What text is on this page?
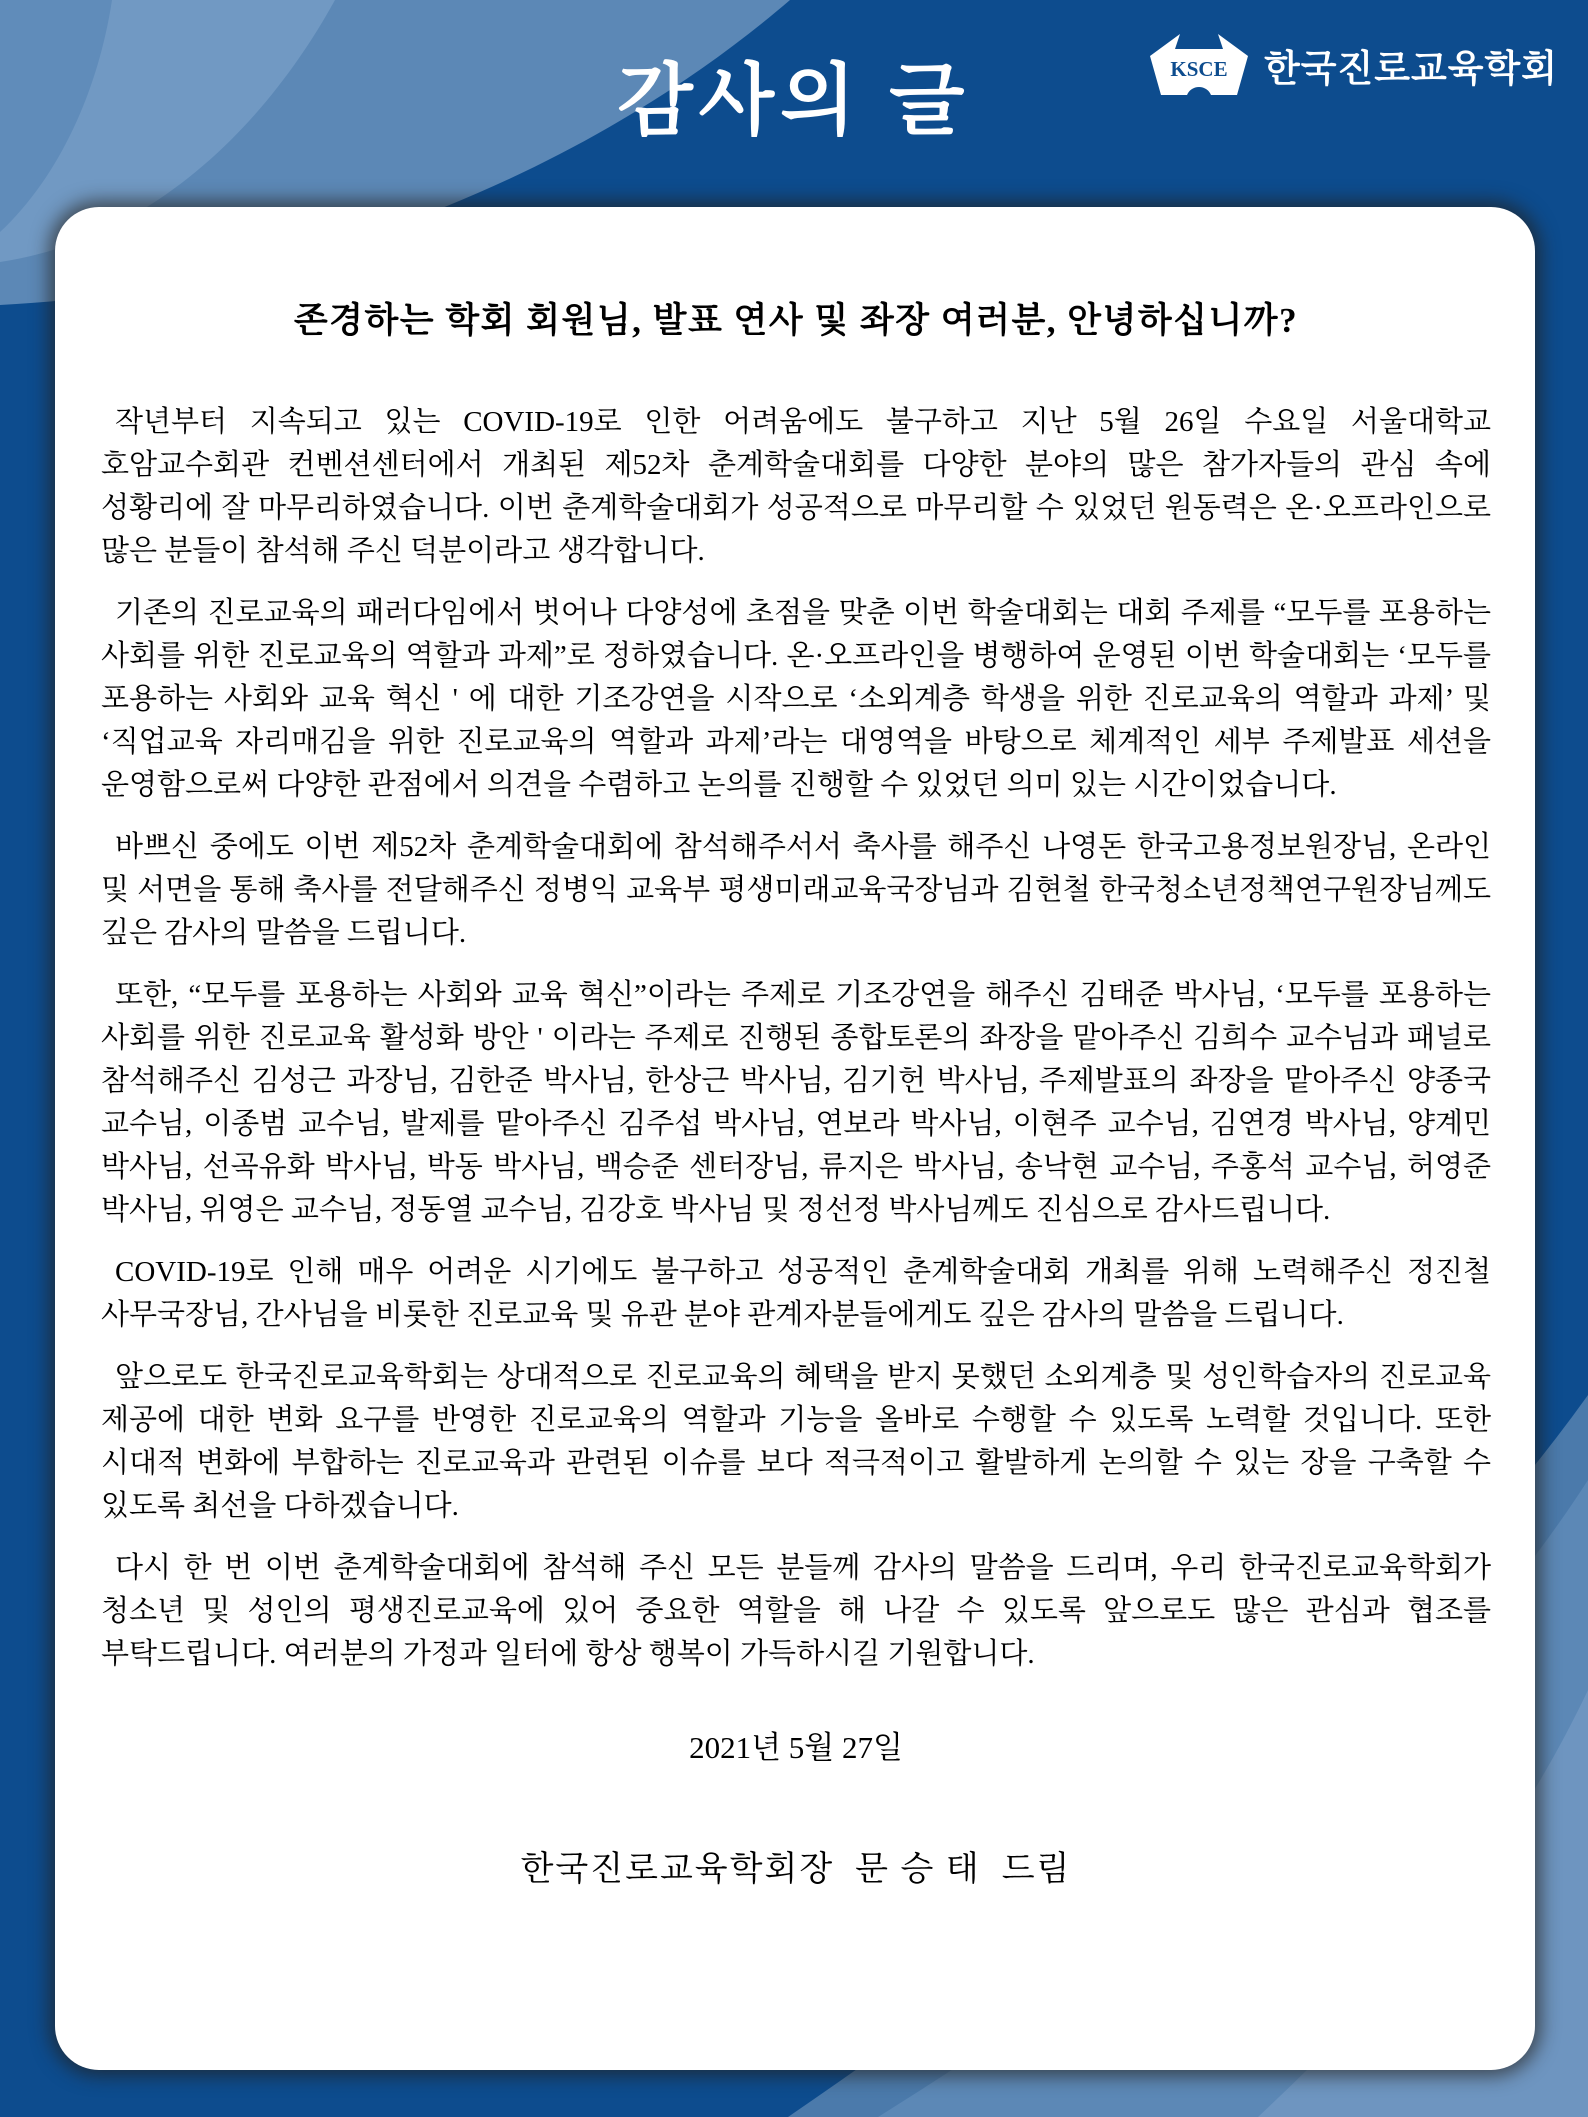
감사의 글	KSCE 한국진로교육학회

존경하는 학회 회원님, 발표 연사 및 좌장 여러분, 안녕하십니까?

작년부터 지속되고 있는 COVID-19로 인한 어려움에도 불구하고 지난 5월 26일 수요일 서울대학교 호암교수회관 컨벤션센터에서 개최된 제52차 춘계학술대회를 다양한 분야의 많은 참가자들의 관심 속에 성황리에 잘 마무리하였습니다. 이번 춘계학술대회가 성공적으로 마무리할 수 있었던 원동력은 온·오프라인으로 많은 분들이 참석해 주신 덕분이라고 생각합니다.

기존의 진로교육의 패러다임에서 벗어나 다양성에 초점을 맞춘 이번 학술대회는 대회 주제를 “모두를 포용하는 사회를 위한 진로교육의 역할과 과제”로 정하였습니다. 온·오프라인을 병행하여 운영된 이번 학술대회는 ‘모두를 포용하는 사회와 교육 혁신 ' 에 대한 기조강연을 시작으로 ‘소외계층 학생을 위한 진로교육의 역할과 과제’ 및 ‘직업교육 자리매김을 위한 진로교육의 역할과 과제’라는 대영역을 바탕으로 체계적인 세부 주제발표 세션을 운영함으로써 다양한 관점에서 의견을 수렴하고 논의를 진행할 수 있었던 의미 있는 시간이었습니다.

바쁘신 중에도 이번 제52차 춘계학술대회에 참석해주서서 축사를 해주신 나영돈 한국고용정보원장님, 온라인 및 서면을 통해 축사를 전달해주신 정병익 교육부 평생미래교육국장님과 김현철 한국청소년정책연구원장님께도 깊은 감사의 말씀을 드립니다.

또한, “모두를 포용하는 사회와 교육 혁신”이라는 주제로 기조강연을 해주신 김태준 박사님, ‘모두를 포용하는 사회를 위한 진로교육 활성화 방안 ' 이라는 주제로 진행된 종합토론의 좌장을 맡아주신 김희수 교수님과 패널로 참석해주신 김성근 과장님, 김한준 박사님, 한상근 박사님, 김기헌 박사님, 주제발표의 좌장을 맡아주신 양종국 교수님, 이종범 교수님, 발제를 맡아주신 김주섭 박사님, 연보라 박사님, 이현주 교수님, 김연경 박사님, 양계민 박사님, 선곡유화 박사님, 박동 박사님, 백승준 센터장님, 류지은 박사님, 송낙현 교수님, 주홍석 교수님, 허영준 박사님, 위영은 교수님, 정동열 교수님, 김강호 박사님 및 정선정 박사님께도 진심으로 감사드립니다.

COVID-19로 인해 매우 어려운 시기에도 불구하고 성공적인 춘계학술대회 개최를 위해 노력해주신 정진철 사무국장님, 간사님을 비롯한 진로교육 및 유관 분야 관계자분들에게도 깊은 감사의 말씀을 드립니다.

앞으로도 한국진로교육학회는 상대적으로 진로교육의 혜택을 받지 못했던 소외계층 및 성인학습자의 진로교육 제공에 대한 변화 요구를 반영한 진로교육의 역할과 기능을 올바로 수행할 수 있도록 노력할 것입니다. 또한 시대적 변화에 부합하는 진로교육과 관련된 이슈를 보다 적극적이고 활발하게 논의할 수 있는 장을 구축할 수 있도록 최선을 다하겠습니다.

다시 한 번 이번 춘계학술대회에 참석해 주신 모든 분들께 감사의 말씀을 드리며, 우리 한국진로교육학회가 청소년 및 성인의 평생진로교육에 있어 중요한 역할을 해 나갈 수 있도록 앞으로도 많은 관심과 협조를 부탁드립니다. 여러분의 가정과 일터에 항상 행복이 가득하시길 기원합니다.

2021년 5월 27일
한국진로교육학회장  문 승 태  드림
